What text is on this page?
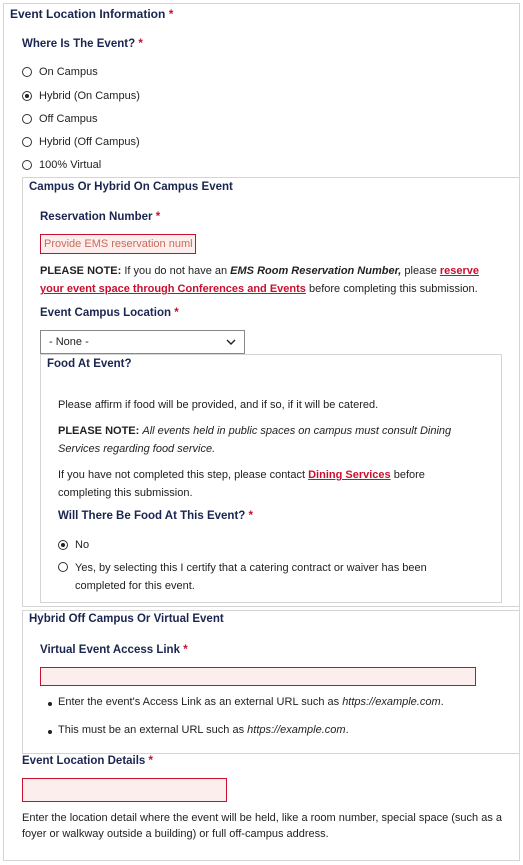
Event Location Information *
Where Is The Event? *
On Campus
Hybrid (On Campus)
Off Campus
Hybrid (Off Campus)
100% Virtual
Campus Or Hybrid On Campus Event
Reservation Number *
Provide EMS reservation number
PLEASE NOTE: If you do not have an EMS Room Reservation Number, please reserve your event space through Conferences and Events before completing this submission.
Event Campus Location *
- None -
Food At Event?
Please affirm if food will be provided, and if so, if it will be catered.
PLEASE NOTE: All events held in public spaces on campus must consult Dining Services regarding food service.
If you have not completed this step, please contact Dining Services before completing this submission.
Will There Be Food At This Event? *
No
Yes, by selecting this I certify that a catering contract or waiver has been completed for this event.
Hybrid Off Campus Or Virtual Event
Virtual Event Access Link *
Enter the event's Access Link as an external URL such as https://example.com.
This must be an external URL such as https://example.com.
Event Location Details *
Enter the location detail where the event will be held, like a room number, special space (such as a foyer or walkway outside a building) or full off-campus address.
